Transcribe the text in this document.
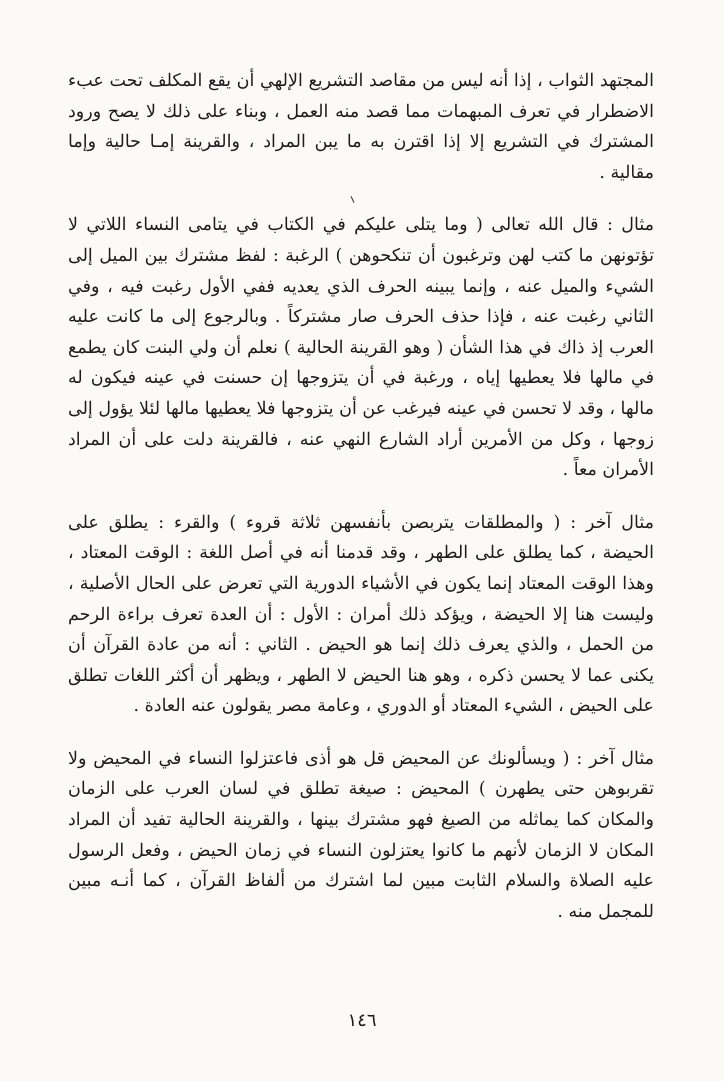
المجتهد الثواب ، إذا أنه ليس من مقاصد التشريع الإلهي أن يقع المكلف تحت عبء الاضطرار في تعرف المبهمات مما قصد منه العمل ، وبناء على ذلك لا يصح ورود المشترك في التشريع إلا إذا اقترن به ما يبن المراد ، والقرينة إمـا حالية وإما مقالية .

مثال : قال الله تعالى ( وما يتلى عليكم في الكتاب في يتامى النساء اللاتي لا تؤتونهن ما كتب لهن وترغبون أن تنكحوهن ) الرغبة : لفظ مشترك بين الميل إلى الشيء والميل عنه ، وإنما يبينه الحرف الذي يعديه ففي الأول رغبت فيه ، وفي الثاني رغبت عنه ، فإذا حذف الحرف صار مشتركاً . وبالرجوع إلى ما كانت عليه العرب إذ ذاك في هذا الشأن ( وهو القرينة الحالية ) نعلم أن ولي البنت كان يطمع في مالها فلا يعطيها إياه ، ورغبة في أن يتزوجها إن حسنت في عينه فيكون له مالها ، وقد لا تحسن في عينه فيرغب عن أن يتزوجها فلا يعطيها مالها لئلا يؤول إلى زوجها ، وكل من الأمرين أراد الشارع النهي عنه ، فالقرينة دلت على أن المراد الأمران معاً .

مثال آخر : ( والمطلقات يتربصن بأنفسهن ثلاثة قروء ) والقرء : يطلق على الحيضة ، كما يطلق على الطهر ، وقد قدمنا أنه في أصل اللغة : الوقت المعتاد ، وهذا الوقت المعتاد إنما يكون في الأشياء الدورية التي تعرض على الحال الأصلية ، وليست هنا إلا الحيضة ، ويؤكد ذلك أمران : الأول : أن العدة تعرف براءة الرحم من الحمل ، والذي يعرف ذلك إنما هو الحيض . الثاني : أنه من عادة القرآن أن يكنى عما لا يحسن ذكره ، وهو هنا الحيض لا الطهر ، ويظهر أن أكثر اللغات تطلق على الحيض ، الشيء المعتاد أو الدوري ، وعامة مصر يقولون عنه العادة .

مثال آخر : ( ويسألونك عن المحيض قل هو أذى فاعتزلوا النساء في المحيض ولا تقربوهن حتى يطهرن ) المحيض : صيغة تطلق في لسان العرب على الزمان والمكان كما يماثله من الصيغ فهو مشترك بينها ، والقرينة الحالية تفيد أن المراد المكان لا الزمان لأنهم ما كانوا يعتزلون النساء في زمان الحيض ، وفعل الرسول عليه الصلاة والسلام الثابت مبين لما اشترك من ألفاظ القرآن ، كما أنـه مبين للمجمل منه .

١٤٦
